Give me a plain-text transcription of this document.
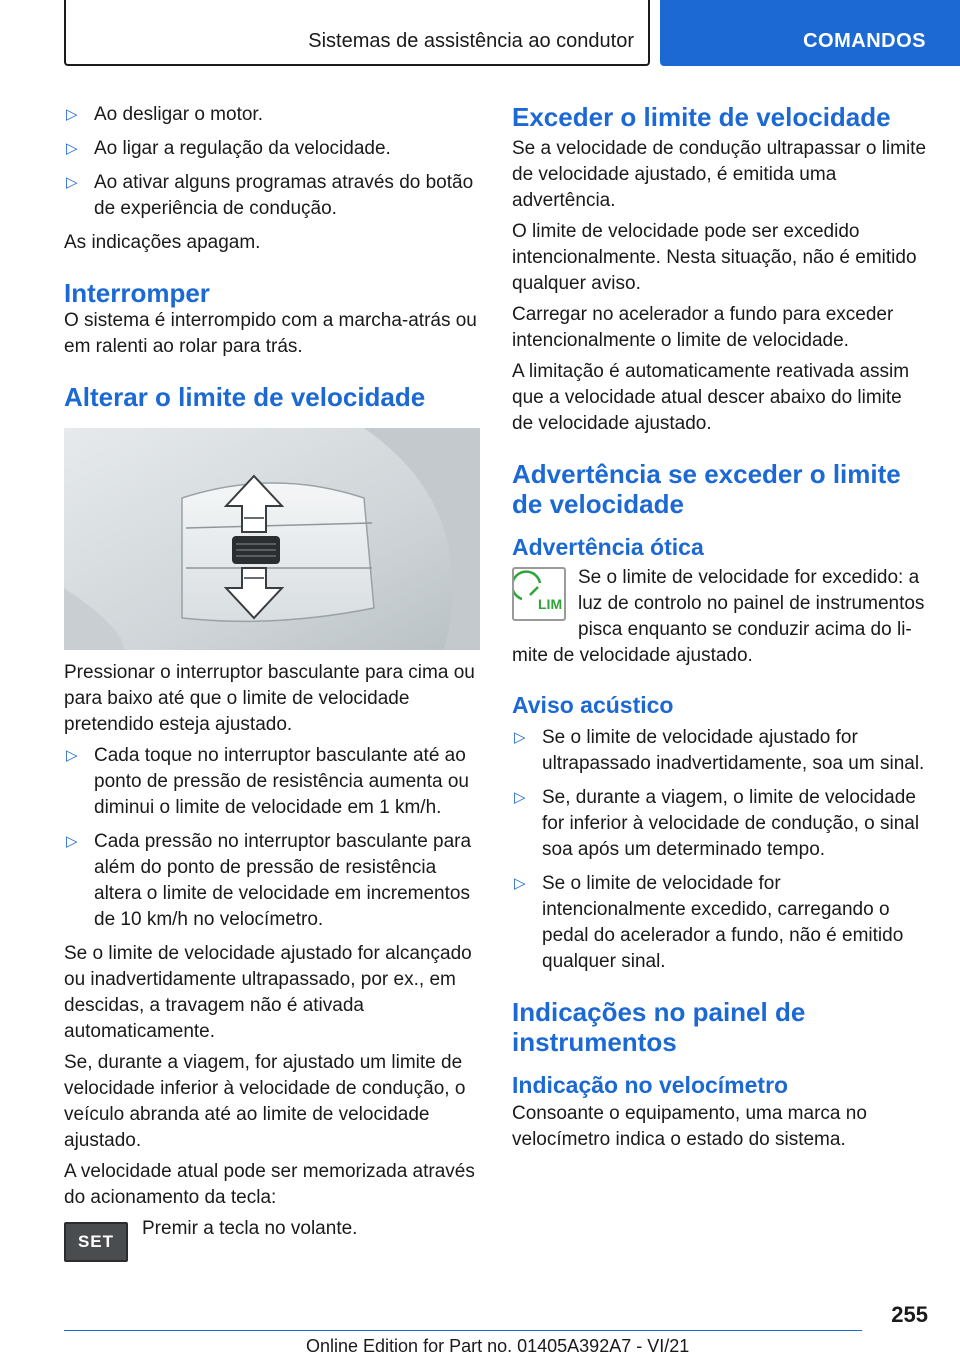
Sistemas de assistência ao condutor	COMANDOS
▷ Ao desligar o motor.
▷ Ao ligar a regulação da velocidade.
▷ Ao ativar alguns programas através do botão de experiência de condução.

As indicações apagam.

Interromper

O sistema é interrompido com a marcha-atrás ou em ralenti ao rolar para trás.

Alterar o limite de velocidade

Pressionar o interruptor basculante para cima ou para baixo até que o limite de velocidade pretendido esteja ajustado.

▷ Cada toque no interruptor basculante até ao ponto de pressão de resistência aumenta ou diminui o limite de velocidade em 1 km/h.
▷ Cada pressão no interruptor basculante para além do ponto de pressão de resistência altera o limite de velocidade em incrementos de 10 km/h no velocímetro.

Se o limite de velocidade ajustado for alcançado ou inadvertidamente ultrapassado, por ex., em descidas, a travagem não é ativada automaticamente.

Se, durante a viagem, for ajustado um limite de velocidade inferior à velocidade de condução, o veículo abranda até ao limite de velocidade ajustado.

A velocidade atual pode ser memorizada através do acionamento da tecla:

SET

Premir a tecla no volante.

Exceder o limite de velocidade

Se a velocidade de condução ultrapassar o limite de velocidade ajustado, é emitida uma advertência.

O limite de velocidade pode ser excedido intencionalmente. Nesta situação, não é emitido qualquer aviso.

Carregar no acelerador a fundo para exceder intencionalmente o limite de velocidade.

A limitação é automaticamente reativada assim que a velocidade atual descer abaixo do limite de velocidade ajustado.

Advertência se exceder o limite de velocidade
Advertência ótica
LIM

Se o limite de velocidade for excedido: a luz de controlo no painel de instrumentos pisca enquanto se conduzir acima do li-

mite de velocidade ajustado.

Aviso acústico
▷ Se o limite de velocidade ajustado for ultrapassado inadvertidamente, soa um sinal.
▷ Se, durante a viagem, o limite de velocidade for inferior à velocidade de condução, o sinal soa após um determinado tempo.
▷ Se o limite de velocidade for intencionalmente excedido, carregando o pedal do acelerador a fundo, não é emitido qualquer sinal.
Indicações no painel de instrumentos
Indicação no velocímetro

Consoante o equipamento, uma marca no velocímetro indica o estado do sistema.

255
Online Edition for Part no. 01405A392A7 - VI/21
